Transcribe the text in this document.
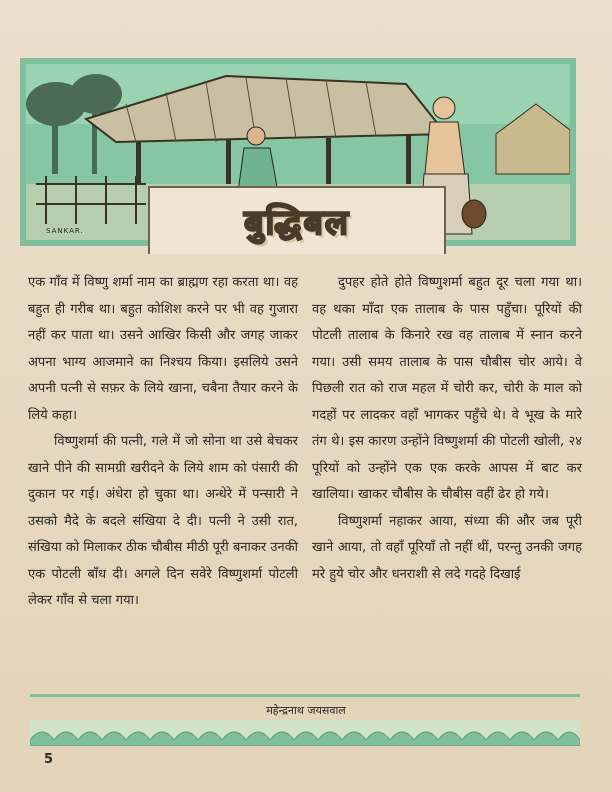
SANKAR.	बुद्धिबल

एक गाँव में विष्णु शर्मा नाम का ब्राह्मण रहा करता था। वह बहुत ही गरीब था। बहुत कोशिश करने पर भी वह गुजारा नहीं कर पाता था। उसने आखिर किसी और जगह जाकर अपना भाग्य आजमाने का निश्चय किया। इसलिये उसने अपनी पत्नी से सफ़र के लिये खाना, चबैना तैयार करने के लिये कहा।

विष्णुशर्मा की पत्नी, गले में जो सोना था उसे बेचकर खाने पीने की सामग्री खरीदने के लिये शाम को पंसारी की दुकान पर गई। अंधेरा हो चुका था। अन्धेरे में पन्सारी ने उसको मैदे के बदले संखिया दे दी। पत्नी ने उसी रात, संखिया को मिलाकर ठीक चौबीस मीठी पूरी बनाकर उनकी एक पोटली बाँध दी। अगले दिन सवेरे विष्णुशर्मा पोटली लेकर गाँव से चला गया।

दुपहर होते होते विष्णुशर्मा बहुत दूर चला गया था। वह थका माँदा एक तालाब के पास पहुँचा। पूरियों की पोटली तालाब के किनारे रख वह तालाब में स्नान करने गया। उसी समय तालाब के पास चौबीस चोर आये। वे पिछली रात को राज महल में चोरी कर, चोरी के माल को गदहों पर लादकर वहाँ भागकर पहुँचे थे। वे भूख के मारे तंग थे। इस कारण उन्होंने विष्णुशर्मा की पोटली खोली, २४ पूरियों को उन्होंने एक एक करके आपस में बाट कर खालिया। खाकर चौबीस के चौबीस वहीं ढेर हो गये।

विष्णुशर्मा नहाकर आया, संध्या की और जब पूरी खाने आया, तो वहाँ पूरियाँ तो नहीं थीं, परन्तु उनकी जगह मरे हुये चोर और धनराशी से लदे गदहे दिखाई

महेन्द्रनाथ जयसवाल
5
